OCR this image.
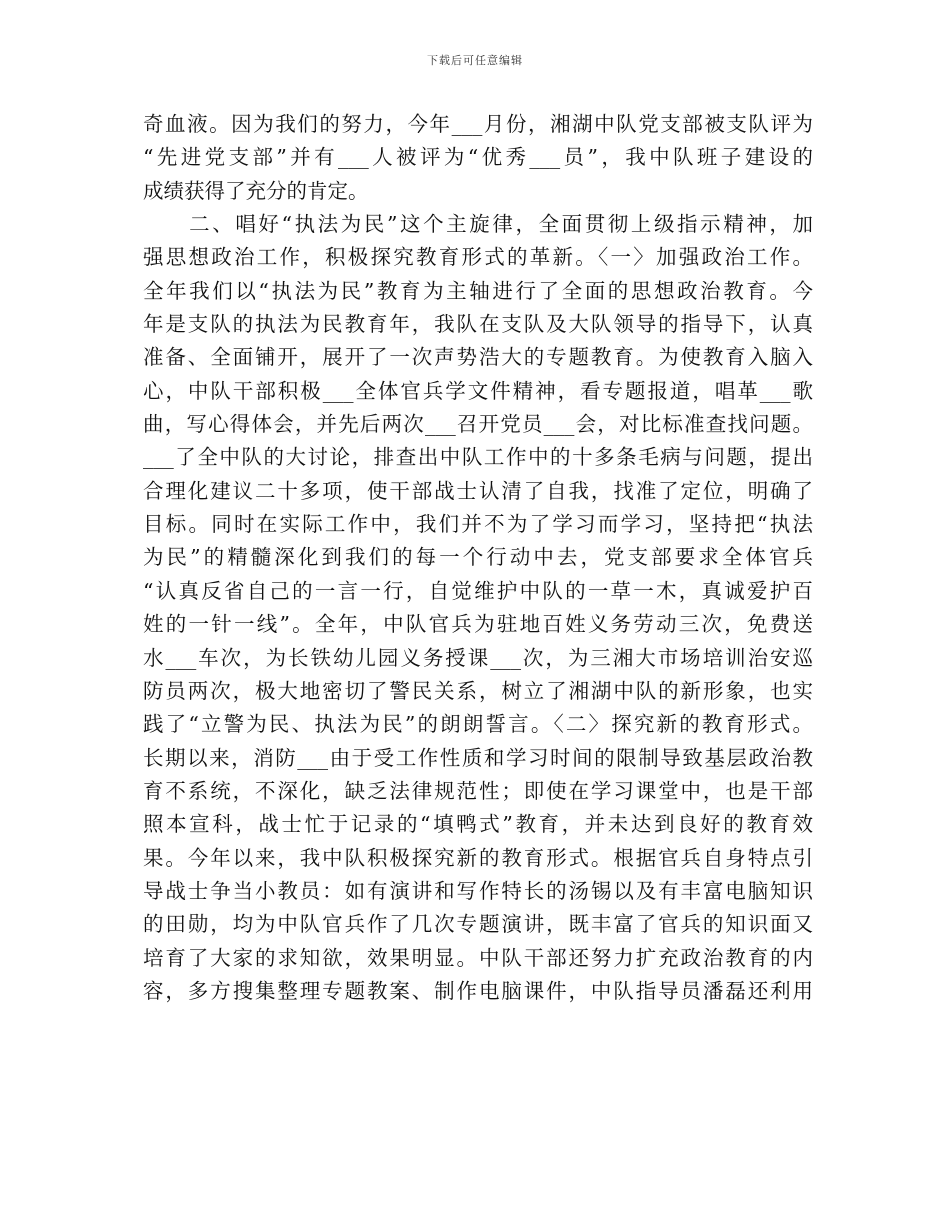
下载后可任意编辑
奇血液。因为我们的努力，今年___月份，湘湖中队党支部被支队评为
“先进党支部”并有___人被评为“优秀___员”，我中队班子建设的
成绩获得了充分的肯定。
　　二、唱好“执法为民”这个主旋律，全面贯彻上级指示精神，加
强思想政治工作，积极探究教育形式的革新。〈一〉加强政治工作。
全年我们以“执法为民”教育为主轴进行了全面的思想政治教育。今
年是支队的执法为民教育年，我队在支队及大队领导的指导下，认真
准备、全面铺开，展开了一次声势浩大的专题教育。为使教育入脑入
心，中队干部积极___全体官兵学文件精神，看专题报道，唱革___歌
曲，写心得体会，并先后两次___召开党员___会，对比标准查找问题。
___了全中队的大讨论，排查出中队工作中的十多条毛病与问题，提出
合理化建议二十多项，使干部战士认清了自我，找准了定位，明确了
目标。同时在实际工作中，我们并不为了学习而学习，坚持把“执法
为民”的精髓深化到我们的每一个行动中去，党支部要求全体官兵
“认真反省自己的一言一行，自觉维护中队的一草一木，真诚爱护百
姓的一针一线”。全年，中队官兵为驻地百姓义务劳动三次，免费送
水___车次，为长铁幼儿园义务授课___次，为三湘大市场培训治安巡
防员两次，极大地密切了警民关系，树立了湘湖中队的新形象，也实
践了“立警为民、执法为民”的朗朗誓言。〈二〉探究新的教育形式。
长期以来，消防___由于受工作性质和学习时间的限制导致基层政治教
育不系统，不深化，缺乏法律规范性；即使在学习课堂中，也是干部
照本宣科，战士忙于记录的“填鸭式”教育，并未达到良好的教育效
果。今年以来，我中队积极探究新的教育形式。根据官兵自身特点引
导战士争当小教员：如有演讲和写作特长的汤锡以及有丰富电脑知识
的田勋，均为中队官兵作了几次专题演讲，既丰富了官兵的知识面又
培育了大家的求知欲，效果明显。中队干部还努力扩充政治教育的内
容，多方搜集整理专题教案、制作电脑课件，中队指导员潘磊还利用
